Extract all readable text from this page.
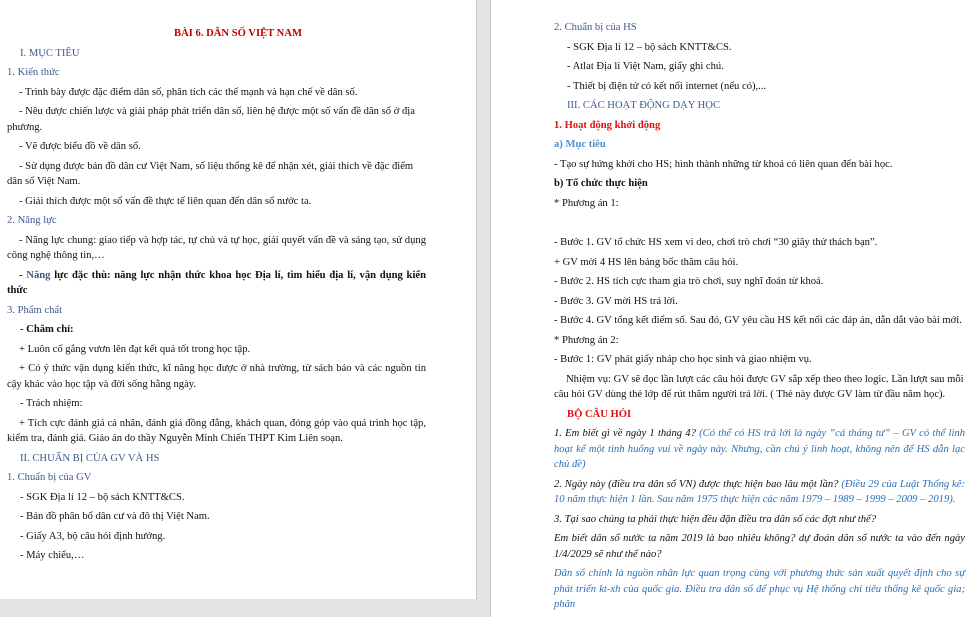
BÀI 6. DÂN SỐ VIỆT NAM
I. MỤC TIÊU
1. Kiến thức
- Trình bày được đặc điểm dân số, phân tích các thế mạnh và hạn chế về dân số.
- Nêu được chiến lược và giải pháp phát triển dân số, liên hệ được một số vấn đề dân số ở địa phương.
- Vẽ được biểu đồ về dân số.
- Sử dụng được bản đồ dân cư Việt Nam, số liệu thống kê để nhận xét, giải thích về đặc điểm dân số Việt Nam.
- Giải thích được một số vấn đề thực tế liên quan đến dân số nước ta.
2. Năng lực
- Năng lực chung: giao tiếp và hợp tác, tự chủ và tự học, giải quyết vấn đề và sáng tạo, sử dụng công nghệ thông tin,…
- Năng lực đặc thù: năng lực nhận thức khoa học Địa lí, tìm hiểu địa lí, vận dụng kiến thức
3. Phẩm chất
- Chăm chỉ:
+ Luôn cố gắng vươn lên đạt kết quả tốt trong học tập.
+ Có ý thức vận dụng kiến thức, kĩ năng học được ở nhà trường, từ sách báo và các nguồn tin cậy khác vào học tập và đời sống hằng ngày.
- Trách nhiệm:
+ Tích cực đánh giá cá nhân, đánh giá đồng đẳng, khách quan, đóng góp vào quá trình học tập, kiểm tra, đánh giá. Giáo án do thầy Nguyễn Minh Chiến THPT Kim Liên soạn.
II. CHUẨN BỊ CỦA GV VÀ HS
1. Chuẩn bị của GV
- SGK Địa lí 12 – bộ sách KNTT&CS.
- Bản đồ phân bố dân cư và đô thị Việt Nam.
- Giấy A3, bộ câu hỏi định hướng.
- Máy chiếu,…
2. Chuẩn bị của HS
- SGK Địa lí 12 – bộ sách KNTT&CS.
- Atlat Địa lí Việt Nam, giấy ghi chú.
- Thiết bị điện tử có kết nối internet (nếu có),...
III. CÁC HOẠT ĐỘNG DẠY HỌC
1. Hoạt động khởi động
a) Mục tiêu
- Tạo sự hứng khởi cho HS; hình thành những từ khoá có liên quan đến bài học.
b) Tổ chức thực hiện
* Phương án 1:
- Bước 1. GV tổ chức HS xem vi deo, chơi trò chơi “30 giây thử thách bạn”.
+ GV mời 4 HS lên bảng bốc thăm câu hỏi.
- Bước 2. HS tích cực tham gia trò chơi, suy nghĩ đoán từ khoá.
- Bước 3. GV mời HS trả lời.
- Bước 4. GV tổng kết điểm số. Sau đó, GV yêu cầu HS kết nối các đáp án, dẫn dắt vào bài mới.
* Phương án 2:
- Bước 1: GV phát giấy nháp cho học sinh và giao nhiệm vụ.
Nhiệm vụ: GV sẽ đọc lần lượt các câu hỏi được GV sắp xếp theo theo logic. Lần lượt sau mỗi câu hỏi GV dùng thẻ lớp để rút thăm người trả lời. ( Thẻ này được GV làm từ đầu năm học).
BỘ CÂU HỎI
1. Em biết gì về ngày 1 tháng 4? (Có thể có HS trả lời là ngày ”cá tháng tư” – GV có thể linh hoạt kể một tình huống vui về ngày này. Nhưng, cần chú ý linh hoạt, không nên để HS dẫn lạc chủ đề)
2. Ngày này (điều tra dân số VN) được thực hiện bao lâu một lần? (Điều 29 của Luật Thống kê: 10 năm thực hiện 1 lần. Sau năm 1975 thực hiện các năm 1979 – 1989 – 1999 – 2009 – 2019).
3. Tại sao chúng ta phải thực hiện đều đặn điều tra dân số các đợt như thế?
Em biết dân số nước ta năm 2019 là bao nhiêu không? dự đoán dân số nước ta vào đến ngày 1/4/2029 sẽ như thế nào?
Dân số chính là nguồn nhân lực quan trọng cùng với phương thức sản xuất quyết định cho sự phát triển kt-xh của quốc gia. Điều tra dân số để phục vụ Hệ thống chỉ tiêu thống kê quốc gia; phân
